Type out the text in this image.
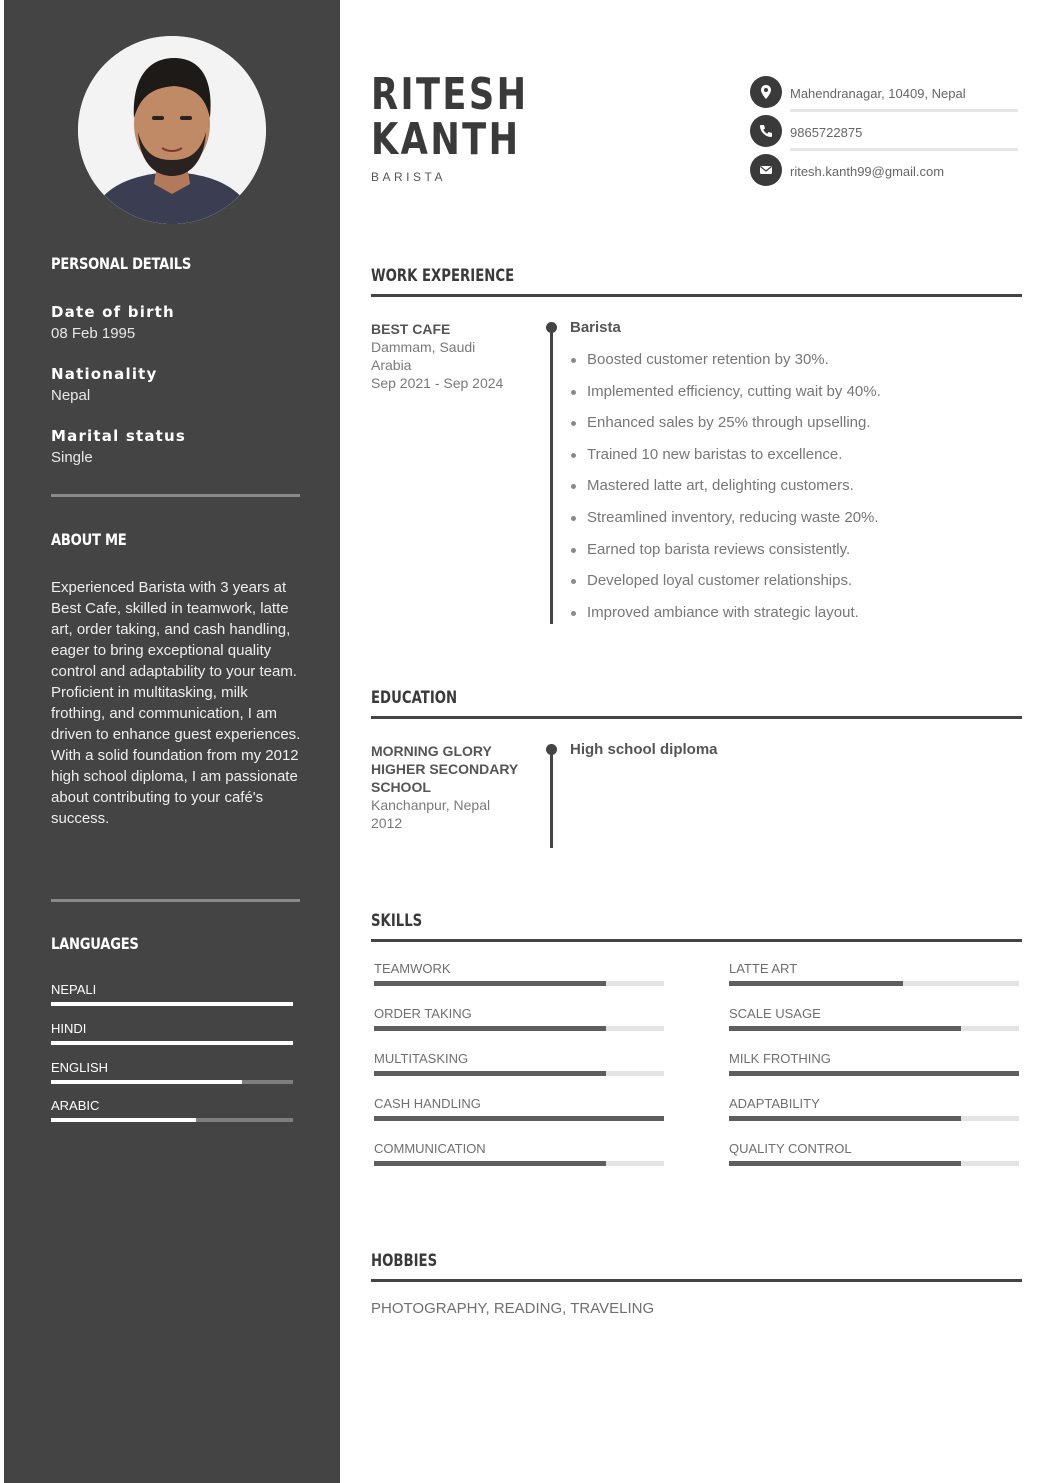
PERSONAL DETAILS
Date of birth
08 Feb 1995
Nationality
Nepal
Marital status
Single
ABOUT ME
Experienced Barista with 3 years at Best Cafe, skilled in teamwork, latte art, order taking, and cash handling, eager to bring exceptional quality control and adaptability to your team. Proficient in multitasking, milk frothing, and communication, I am driven to enhance guest experiences. With a solid foundation from my 2012 high school diploma, I am passionate about contributing to your café's success.
LANGUAGES
NEPALI
HINDI
ENGLISH
ARABIC
RITESH
KANTH
BARISTA
Mahendranagar, 10409, Nepal
9865722875
ritesh.kanth99@gmail.com
WORK EXPERIENCE
BEST CAFE
Dammam, Saudi Arabia
Sep 2021 - Sep 2024
Barista
Boosted customer retention by 30%.
Implemented efficiency, cutting wait by 40%.
Enhanced sales by 25% through upselling.
Trained 10 new baristas to excellence.
Mastered latte art, delighting customers.
Streamlined inventory, reducing waste 20%.
Earned top barista reviews consistently.
Developed loyal customer relationships.
Improved ambiance with strategic layout.
EDUCATION
MORNING GLORY HIGHER SECONDARY SCHOOL
Kanchanpur, Nepal
2012
High school diploma
SKILLS
TEAMWORK	LATTE ART
ORDER TAKING	SCALE USAGE
MULTITASKING	MILK FROTHING
CASH HANDLING	ADAPTABILITY
COMMUNICATION	QUALITY CONTROL
HOBBIES
PHOTOGRAPHY, READING, TRAVELING
